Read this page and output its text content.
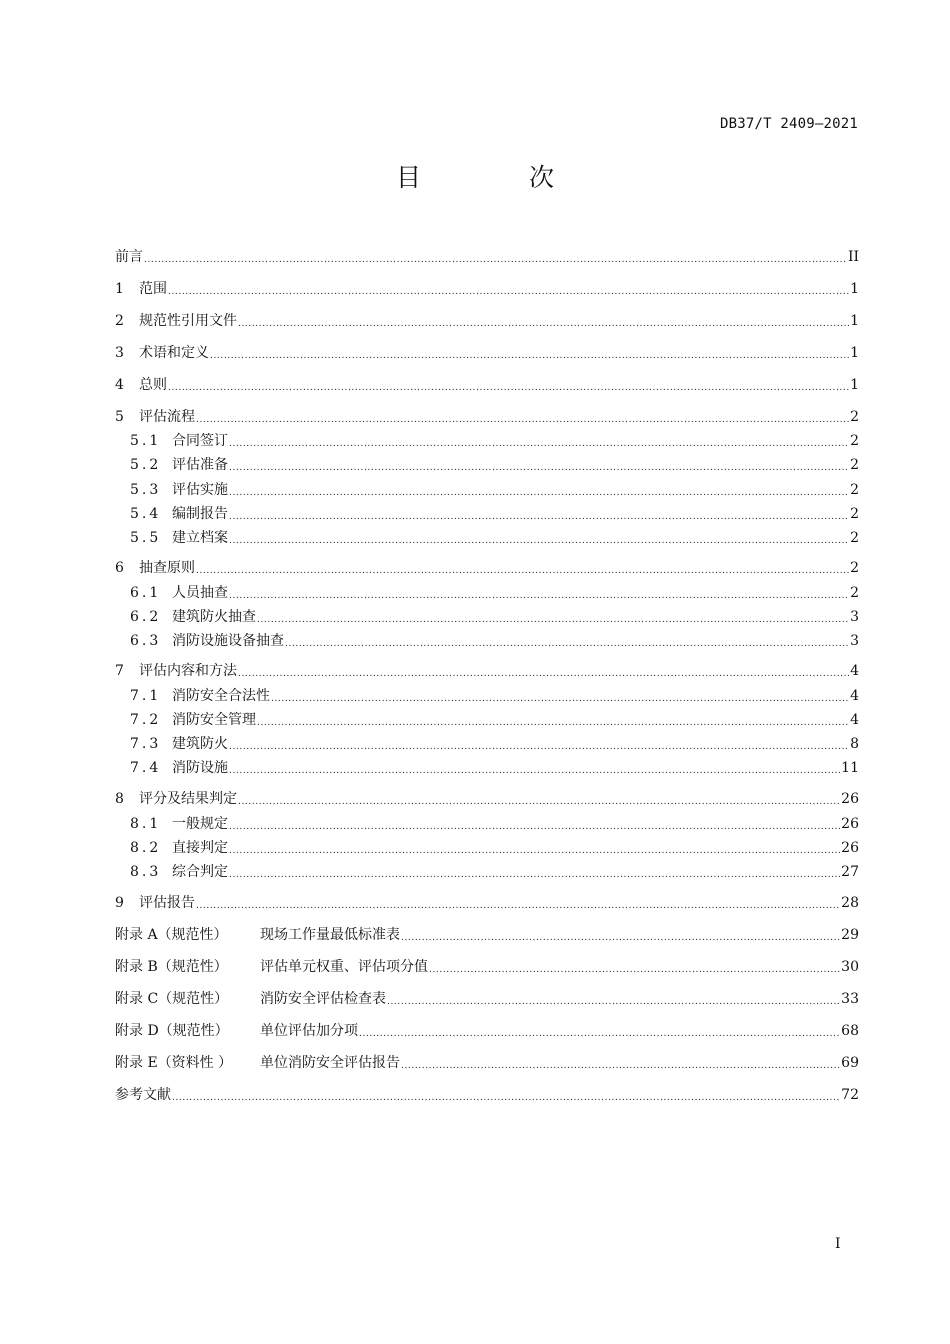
DB37/T 2409—2021
目 次
前言 .....	II
1	范围 .....	1
2	规范性引用文件 .....	1
3	术语和定义 .....	1
4	总则 .....	1
5	评估流程 .....	2
5.1 合同签订 .....	2
5.2 评估准备 .....	2
5.3 评估实施 .....	2
5.4 编制报告 .....	2
5.5 建立档案 .....	2
6	抽查原则 .....	2
6.1 人员抽查 .....	2
6.2 建筑防火抽查 .....	3
6.3 消防设施设备抽查 .....	3
7	评估内容和方法 .....	4
7.1 消防安全合法性 .....	4
7.2 消防安全管理 .....	4
7.3 建筑防火 .....	8
7.4 消防设施 .....	11
8	评分及结果判定 .....	26
8.1 一般规定 .....	26
8.2 直接判定 .....	26
8.3 综合判定 .....	27
9	评估报告 .....	28
附录 A（规范性）	现场工作量最低标准表 .....	29
附录 B（规范性）	评估单元权重、评估项分值 .....	30
附录 C（规范性）	消防安全评估检查表 .....	33
附录 D（规范性）	单位评估加分项 .....	68
附录 E（资料性 ）	单位消防安全评估报告 .....	69
参考文献 .....	72
I
